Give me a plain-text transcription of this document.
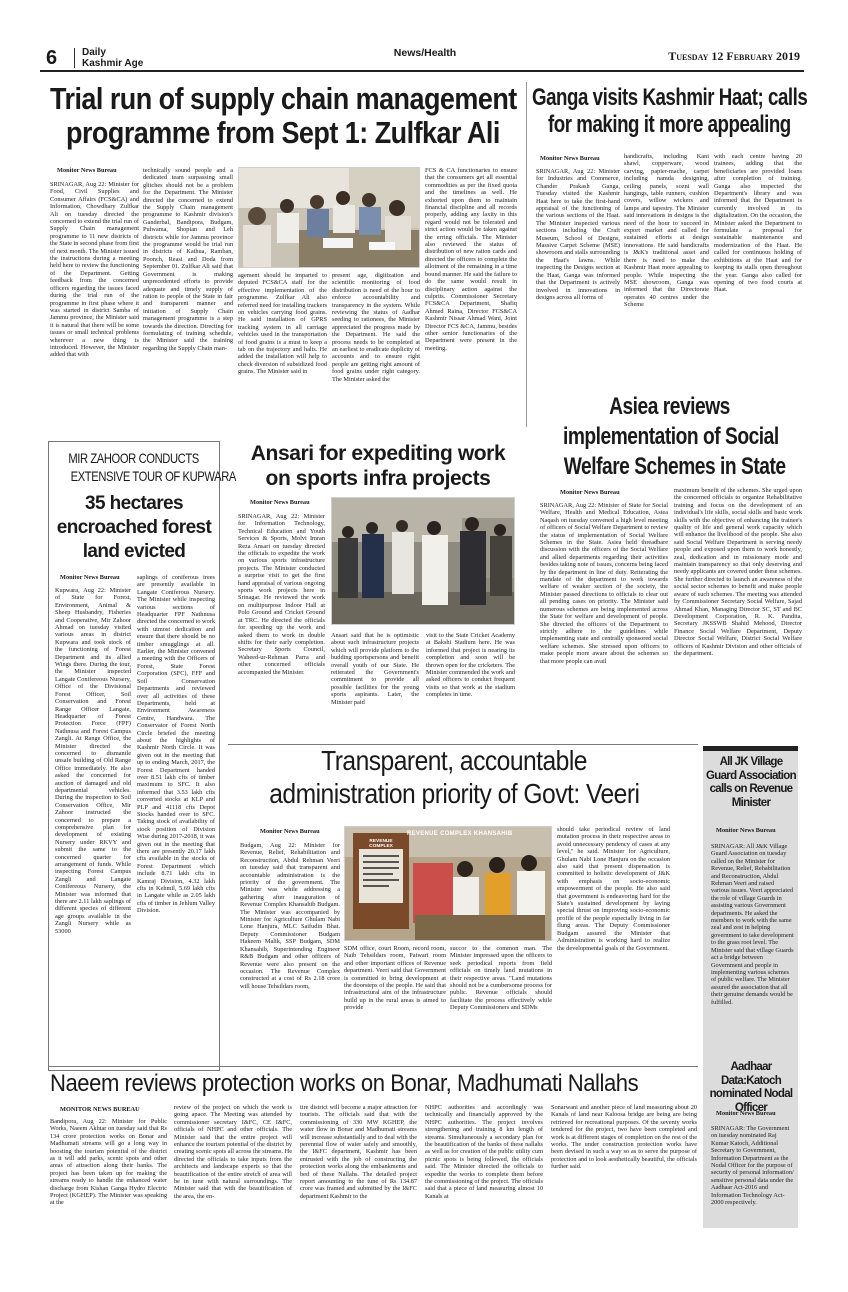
6 Daily
Kashmir Age
News/Health	Tuesday 12 February 2019
Trial run of supply chain management
programme from Sept 1: Zulfkar Ali
Monitor News Bureau
SRINAGAR, Aug 22: Minister for Food, Civil Supplies and Consumer Affairs (FCS&CA) and Information, Chowdhary Zulfkar Ali on tuesday directed the concerned to extend the trial run of Supply Chain management programme to 11 new districts of the State in second phase from first of next month. The Minister issued the instructions during a meeting held here to review the functioning of the Department. Getting feedback from the concerned officers regarding the issues faced during the trial run of the programme in first phase where it was started in district Samba of Jammu province, the Minister said it is natural that there will be some issues or small technical problems wherever a new thing is introduced. However, the Minister added that with
technically sound people and a dedicated team surpassing small glitches should not be a problem for the Department. The Minister directed the concerned to extend the Supply Chain management programme to Kashmir division's Ganderbal, Bandipora, Budgam, Pulwama, Shopian and Leh districts while for Jammu province the programme would be trial run in districts of Kathua, Ramban, Poonch, Reasi and Doda from September 01. Zulfkar Ali said that Government is making unprecedented efforts to provide adequate and timely supply of ration to people of the State in fair and transparent manner and initiation of Supply Chain management programme is a step towards the direction. Directing for formulating of training schedule, the Minister said the training regarding the Supply Chain man-
agement should be imparted to deputed FCS&CA staff for the effective implementation of the programme. Zulfkar Ali also referred need for installing trackers on vehicles carrying food grains. He said installation of GPRS tracking system in all carriage vehicles used in the transportation of food grains is a must to keep a tab on the trajectory and halts. He added the installation will help to check diversion of subsidized food grains. The Minister said in
present age, digitization and scientific monitoring of food distribution is need of the hour to enforce accountability and transparency in the system. While reviewing the status of Aadhar seeding to rationees, the Minister appreciated the progress made by the Department. He said the process needs to be completed at an earliest to eradicate duplicity of accounts and to ensure right people are getting right amount of food grains under right category. The Minister asked the
FCS & CA functionaries to ensure that the consumers get all essential commodities as per the fixed quota and the timelines as well. He exhorted upon them to maintain financial discipline and all records properly, adding any laxity in this regard would not be tolerated and strict action would be taken against the erring officials. The Minister also reviewed the status of distribution of new ration cards and directed the officers to complete the allotment of the remaining in a time bound manner. He said the failure to do the same would result in disciplinary action against the culprits. Commissioner Secretary FCS&CA Department, Shafiq Ahmed Raina, Director FCS&CA Kashmir Nissar Ahmad Wani, Joint Director FCS &CA, Jammu, besides other senior functionaries of the Department were present in the meeting.
Ganga visits Kashmir Haat; calls
for making it more appealing
Monitor News Bureau
SRINAGAR, Aug 22: Minister for Industries and Commerce, Chander Prakash Ganga, Tuesday visited the Kashmir Haat here to take the first-hand appraisal of the functioning of the various sections of the Haat. The Minister inspected various sections including the Craft Museum, School of Designs, Massive Carpet Scheme (MSE) showroom and stalls surrounding the Haat's lawns. While inspecting the Designs section at the Haat, Ganga was informed that the Department is actively involved in innovations in designs across all forms of
handicrafts, including Kani shawl, copperware, wood carving, papier-mache, carpet including namda designing, ceiling panels, sozni wall hangings, table runners, cushion covers, willow wickers and lamps and tapestry. The Minister said innovations in designs is the need of the hour to succeed in export market and called for sustained efforts at design innovations. He said handicrafts is J&K's traditional asset and there is need to make the Kashmir Haat more appealing to people. While inspecting the MSE showroom, Ganga was informed that the Directorate operates 40 centres under the Scheme
with each centre having 20 trainees, adding that the beneficiaries are provided loans after completion of training. Ganga also inspected the Department's library and was informed that the Department is currently involved in its digitalization. On the occasion, the Minister asked the Department to formulate a proposal for sustainable maintenance and modernization of the Haat. He called for continuous holding of exhibitions at the Haat and for keeping its stalls open throughout the year. Ganga also called for opening of two food courts at Haat.
MIR ZAHOOR CONDUCTS
EXTENSIVE TOUR OF KUPWARA
35 hectares
encroached forest
land evicted
Monitor News Bureau
Kupwara, Aug 22: Minister of State for Forest, Environment, Animal & Sheep Husbandry, Fisheries and Cooperative, Mir Zahoor Ahmad on tuesday visited various areas in district Kupwara and took stock of the functioning of Forest Department and its allied Wings there. During the tour, the Minister inspected Langate Conifereous Nursery, Office of the Divisional Forest Officer, Soil Conservation and Forest Range Officer Langate, Headquarter of Forest Protection Force (FPF) Nathnusa and Forest Campus Zangli. At Range Office, the Minister directed the concerned to dismantle unsafe building of Old Range Office immediately. He also asked the concerned for auction of damaged and old departmental vehicles. During the inspection to Soil Conservation Office, Mir Zahoor instructed the concerned to prepare a comprehensive plan for development of existing Nursery under RKVY and submit the same to the concerned quarter for arrangement of funds. While inspecting Forest Campus Zangli and Langate Conifereous Nursery, the Minister was informed that there are 2.11 lakh saplings of different species of different age groups available in the Zangli Nursery while as 53000
saplings of coniferous trees are presently available in Langate Coniferous Nursery. The Minister while inspecting various sections of Headquarter FPF Nathnusa directed the concerned to work with utmost dedication and ensure that there should be no timber smugglings at all. Earlier, the Minister convened a meeting with the Officers of Forest, State Forest Corporation (SFC), FFF and Soil Conservation Departments and reviewed over all activities of these Departments, held at Environment Awareness Centre, Handwara. The Conservator of Forest North Circle briefed the meeting about the highlights of Kashmir North Circle. It was given out in the meeting that up to ending March, 2017, the Forest Department handed over 8.51 lakh cfts of timber maximum to SFC. It also informed that 3.53 lakh cfts converted stocks at KLP and PLP and 41118 cfts Depot Stocks handed over to SFC. Taking stock of availability of stock position of Division Wise during 2017-2018, it was given out in the meeting that there are presently 20.17 lakh cfts available in the stocks of Forest Department which include 8.71 lakh cfts in Kamraj Division, 4.32 lakh cfts in Kehmil, 5.69 lakh cfts in Langate while as 2.05 lakh cfts of timber in Jehlum Valley Division.
Ansari for expediting work
on sports infra projects
Monitor News Bureau
SRINAGAR, Aug 22: Minister for Information Technology, Technical Education and Youth Services & Sports, Molvi Imran Reza Ansari on tuesday directed the officials to expedite the work on various sports infrastructure projects. The Minister conducted a surprise visit to get the first hand appraisal of various ongoing sports work projects here in Srinagar. He reviewed the work on multipurpose Indoor Hall at Polo Ground and Cricket Ground at TRC. He directed the officials for speeding up the work and asked them to work in double shifts for their early completion. Secretary Sports Council, Waheed-ur-Rehman Parra and other concerned officials accompanied the Minister.
Ansari said that he is optimistic about such infrastructure projects which will provide platform to the budding sportspersons and benefit overall youth of our State. He reiterated the Government's commitment to provide all possible facilities for the young sports aspirants. Later, the Minister paid
visit to the State Cricket Academy at Bakshi Stadium here. He was informed that project is nearing its completion and soon will be thrown open for the cricketers. The Minister commended the work and asked officers to conduct frequent visits so that work at the stadium completes in time.
Asiea reviews
implementation of Social
Welfare Schemes in State
Monitor News Bureau
SRINAGAR, Aug 22: Minister of State for Social Welfare, Health and Medical Education, Asiea Naqash on tuesday convened a high level meeting of officers of Social Welfare Department to review the status of implementation of Social Welfare Schemes in the State. Asiea held threadbare discussion with the officers of the Social Welfare and allied departments regarding their activities besides taking note of issues, concerns being faced by the department in line of duty. Reiterating the mandate of the department to work towards welfare of weaker section of the society, the Minister passed directions to officials to clear out all pending cases on priority. The Minister said numerous schemes are being implemented across the State for welfare and development of people. She directed the officers of the Department to strictly adhere to the guidelines while implementing state and centrally sponsored social welfare schemes. She stressed upon officers to make people more aware about the schemes so that more people can avail
maximum benefit of the schemes. She urged upon the concerned officials to organize Rehabilitative training and focus on the development of an individual's life skills, social skills and basic work skills with the objective of enhancing the trainee's quality of life and general work capacity which will enhance the livelihood of the people. She also said Social Welfare Department is serving needy people and exposed upon them to work honestly, zeal, dedication and in missionary mode and maintain transparency so that only deserving and needy applicants are covered under these schemes. She further directed to launch an awareness of the social sector schemes to benefit and make people aware of such schemes. The meeting was attended by Commissioner Secretary Social Welfare, Sajad Ahmad Khan, Managing Director SC, ST and BC Development Corporation, R. K. Pandita, Secretary JKSSWB Shahid Mehood, Director Finance Social Welfare Department, Deputy Director Social Welfare, District Social Welfare officers of Kashmir Division and other officials of the department.
Transparent, accountable
administration priority of Govt: Veeri
Monitor News Bureau
Budgam, Aug 22: Minister for Revenue, Relief, Rehabilitation and Reconstruction, Abdul Rehman Veeri on tuesday said that transparent and accountable administration is the priority of the government. The Minister was while addressing a gathering after inauguration of Revenue Complex Khansahib Budgam. The Minister was accompanied by Minister for Agriculture Ghulam Nabi Lone Hanjura, MLC Saifudin Bhat. Deputy Commissioner Budgam Hakeem Malik, SSP Budgam, SDM Khansahib, Superintending Engineer R&B Budgam and other officers of Revenue were also present on the occasion. The Revenue Complex constructed at a cost of Rs 2.18 crore will house Tehsildars room,
REVENUE COMPLEX KHANSAHIB
REVENUE COMPLEX
SDM office, court Room, record room, Naib Tehsildars room, Patwari room and other important offices of Revenue department. Veeri said that Government is committed to bring development at the doorsteps of the people. He said that infrastructural aim of the infrastructure build up in the rural areas is aimed to provide
succor to the common man. The Minister impressed upon the officers to seek periodical reports from field officials on timely land mutations in their respective areas. "Land mutations should not be a cumbersome process for public. Revenue officials should facilitate the process effectively while Deputy Commissioners and SDMs
should take periodical review of land mutation process in their respective areas to avoid unnecessary pendency of cases at any level," he said. Minister for Agriculture, Ghulam Nabi Lone Hanjura on the occasion also said that present dispensation is committed to holistic development of J&K with emphasis on socio-economic empowerment of the people. He also said that government is endeavoring hard for the State's sustained development by laying special thrust on improving socio-economic profile of the people especially living in far flung areas. The Deputy Commissioner Budgam assured the Minister that Administration is working hard to realize the developmental goals of the Government.
All JK Village Guard Association calls on Revenue Minister
Monitor News Bureau
SRINAGAR: All J&K Village Guard Association on tuesday called on the Minister for Revenue, Relief, Rehabilitation and Reconstruction, Abdul Rehman Veeri and raised various issues. Veeri appreciated the role of village Guards in assisting various Government departments. He asked the members to work with the same zeal and zest in helping government to take development to the grass root level. The Minister said that village Guards act a bridge between Government and people in implementing various schemes of public welfare. The Minister assured the association that all their genuine demands would be fulfilled.
Aadhaar Data:Katoch nominated Nodal Officer
Monitor News Bureau
SRINAGAR: The Government on tuesday nominated Raj Kumar Katoch, Additional Secretary to Government, Information Department as the Nodal Officer for the purpose of security of personal information/ sensitive personal data under the Aadhaar Act-2016 and Information Technology Act-2000 respectively.
Naeem reviews protection works on Bonar, Madhumati Nallahs
MONITOR NEWS BUREAU
Bandipora, Aug 22: Minister for Public Works, Naeem Akhtar on tuesday said that Rs 134 crore protection works on Bonar and Madhumati streams will go a long way in boosting the tourism potential of the district as it will add parks, scenic spots and other areas of attraction along their banks. The project has been taken up for making the streams ready to handle the enhanced water discharge from Kishan Ganga Hydro Electric Project (KGHEP). The Minister was speaking at the
review of the project on which the work is going apace. The Meeting was attended by commissioner secretary I&FC, CE I&FC, officials of NHPC and other officials. The Minister said that the entire project will enhance the tourism potential of the district by creating scenic spots all across the streams. He directed the officials to take inputs from the architects and landscape experts so that the beautification of the entire stretch of area will be in tune with natural surroundings. The Minister said that with the beautification of the area, the en-
tire district will become a major attraction for tourists. The officials said that with the commissioning of 330 MW KGHEP, the water flow in Bonar and Madhumati streams will increase substantially and to deal with the perennial flow of water safely and smoothly, the I&FC department, Kashmir has been entrusted with the job of constructing the protection works along the embankments and bed of these Nallahs. The detailed project report amounting to the tune of Rs 134.87 crore was framed and submitted by the I&FC department Kashmir to the
NHPC authorities and accordingly was technically and financially approved by the NHPC authorities. The project involves strengthening and training 8 km length of streams. Simultaneously a secondary plan for the beautification of the banks of these nallahs as well as for creation of the public utility cum picnic spots is being followed, the officials said. The Minister directed the officials to expedite the works to complete them before the commissioning of the project. The officials said that a piece of land measuring almost 10 Kanals at
Sonarwani and another piece of land measuring about 20 Kanals of land near Kaloosa bridge are being are being retrieved for recreational purposes. Of the seventy works tendered for the project, two have been completed and work is at different stages of completion on the rest of the works. The under construction protection works have been devised in such a way so as to serve the purpose of protection and to look aesthetically beautiful, the officials further said.
